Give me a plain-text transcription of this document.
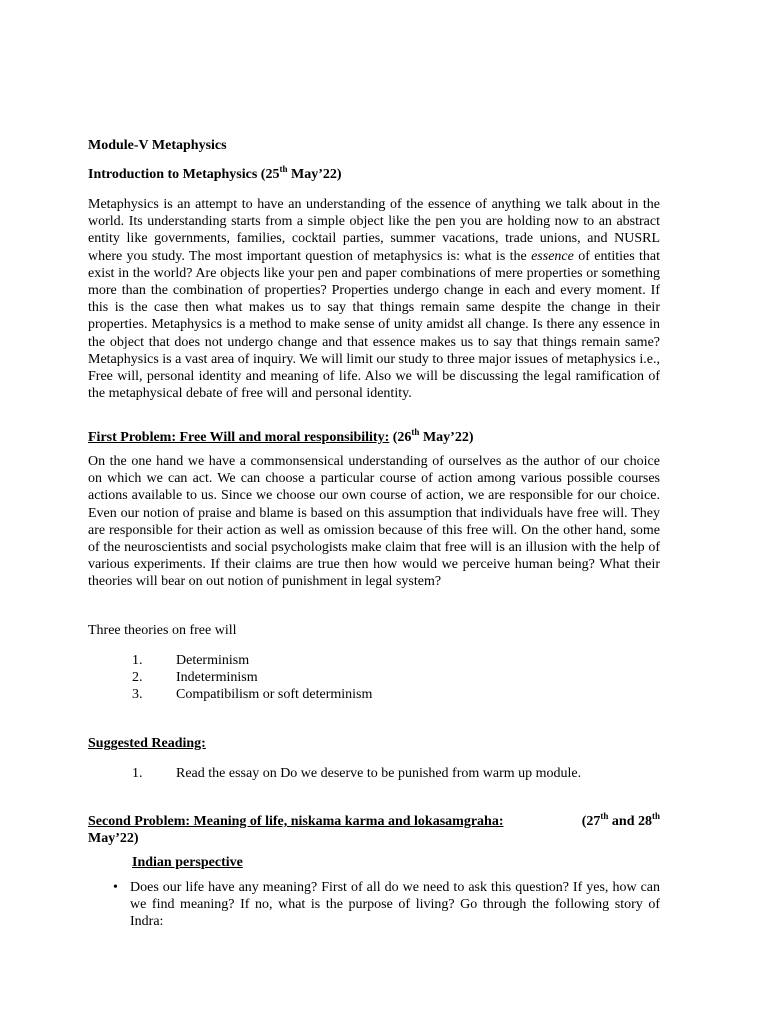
Module-V Metaphysics
Introduction to Metaphysics (25th May’22)

Metaphysics is an attempt to have an understanding of the essence of anything we talk about in the world. Its understanding starts from a simple object like the pen you are holding now to an abstract entity like governments, families, cocktail parties, summer vacations, trade unions, and NUSRL where you study. The most important question of metaphysics is: what is the essence of entities that exist in the world? Are objects like your pen and paper combinations of mere properties or something more than the combination of properties? Properties undergo change in each and every moment. If this is the case then what makes us to say that things remain same despite the change in their properties. Metaphysics is a method to make sense of unity amidst all change. Is there any essence in the object that does not undergo change and that essence makes us to say that things remain same? Metaphysics is a vast area of inquiry. We will limit our study to three major issues of metaphysics i.e., Free will, personal identity and meaning of life. Also we will be discussing the legal ramification of the metaphysical debate of free will and personal identity.

First Problem: Free Will and moral responsibility: (26th May’22)

On the one hand we have a commonsensical understanding of ourselves as the author of our choice on which we can act. We can choose a particular course of action among various possible courses actions available to us. Since we choose our own course of action, we are responsible for our choice. Even our notion of praise and blame is based on this assumption that individuals have free will. They are responsible for their action as well as omission because of this free will. On the other hand, some of the neuroscientists and social psychologists make claim that free will is an illusion with the help of various experiments. If their claims are true then how would we perceive human being? What their theories will bear on out notion of punishment in legal system?

Three theories on free will
1. Determinism
2. Indeterminism
3. Compatibilism or soft determinism
Suggested Reading:
1. Read the essay on Do we deserve to be punished from warm up module.
Second Problem: Meaning of life, niskama karma and lokasamgraha:	(27th and 28th
May’22)
Indian perspective
• Does our life have any meaning? First of all do we need to ask this question? If yes, how can we find meaning? If no, what is the purpose of living? Go through the following story of Indra:
